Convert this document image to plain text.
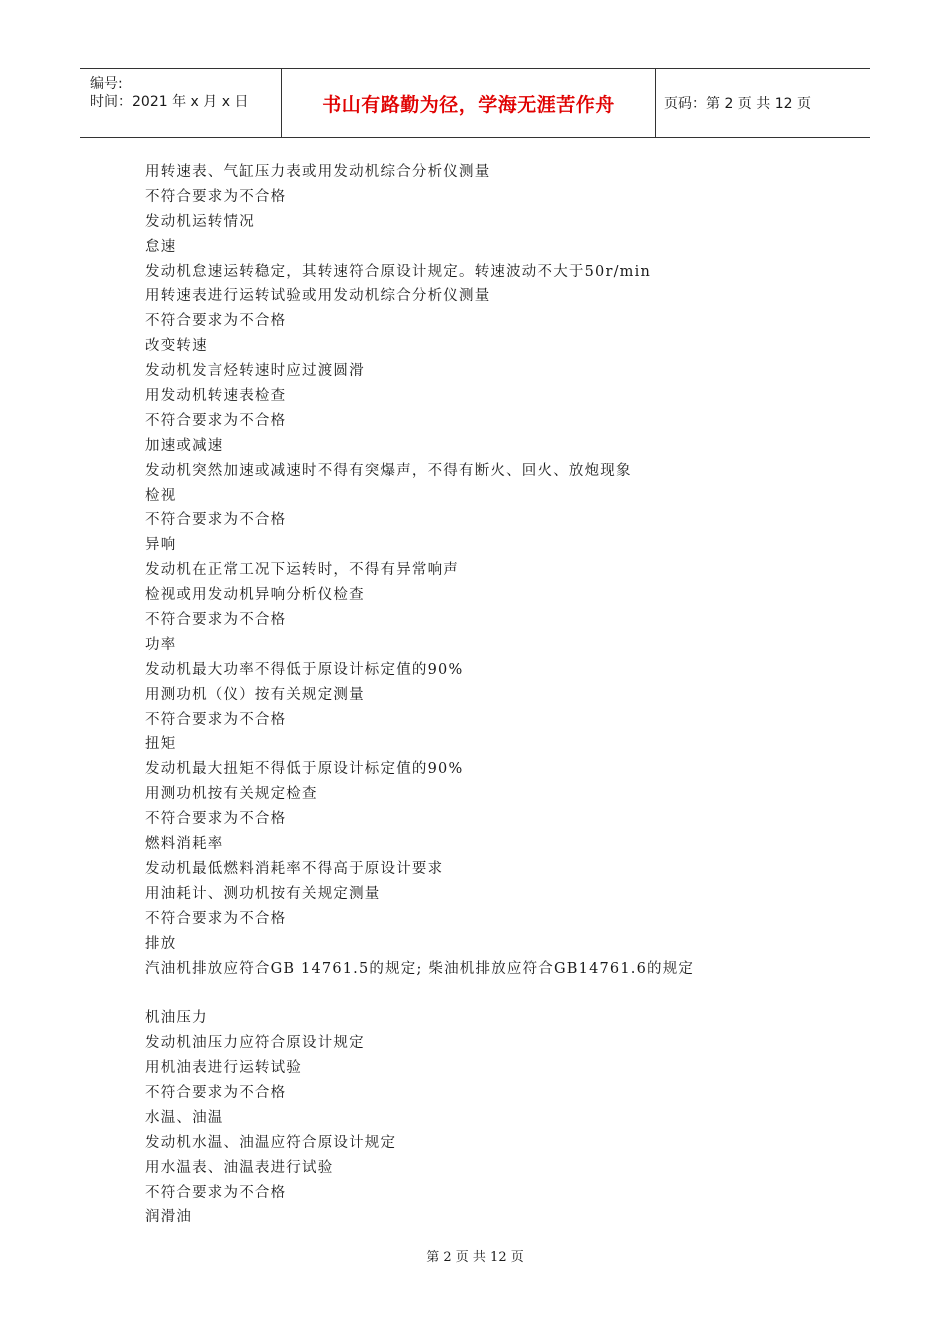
编号:
时间：2021 年 x 月 x 日	书山有路勤为径，学海无涯苦作舟	页码：第 2 页 共 12 页
用转速表、气缸压力表或用发动机综合分析仪测量
不符合要求为不合格
发动机运转情况
怠速
发动机怠速运转稳定，其转速符合原设计规定。转速波动不大于50r/min
用转速表进行运转试验或用发动机综合分析仪测量
不符合要求为不合格
改变转速
发动机发言烃转速时应过渡圆滑
用发动机转速表检查
不符合要求为不合格
加速或减速
发动机突然加速或减速时不得有突爆声，不得有断火、回火、放炮现象
检视
不符合要求为不合格
异响
发动机在正常工况下运转时，不得有异常响声
检视或用发动机异响分析仪检查
不符合要求为不合格
功率
发动机最大功率不得低于原设计标定值的90%
用测功机（仪）按有关规定测量
不符合要求为不合格
扭矩
发动机最大扭矩不得低于原设计标定值的90%
用测功机按有关规定检查
不符合要求为不合格
燃料消耗率
发动机最低燃料消耗率不得高于原设计要求
用油耗计、测功机按有关规定测量
不符合要求为不合格
排放
汽油机排放应符合GB 14761.5的规定; 柴油机排放应符合GB14761.6的规定
机油压力
发动机油压力应符合原设计规定
用机油表进行运转试验
不符合要求为不合格
水温、油温
发动机水温、油温应符合原设计规定
用水温表、油温表进行试验
不符合要求为不合格
润滑油
第 2 页 共 12 页
